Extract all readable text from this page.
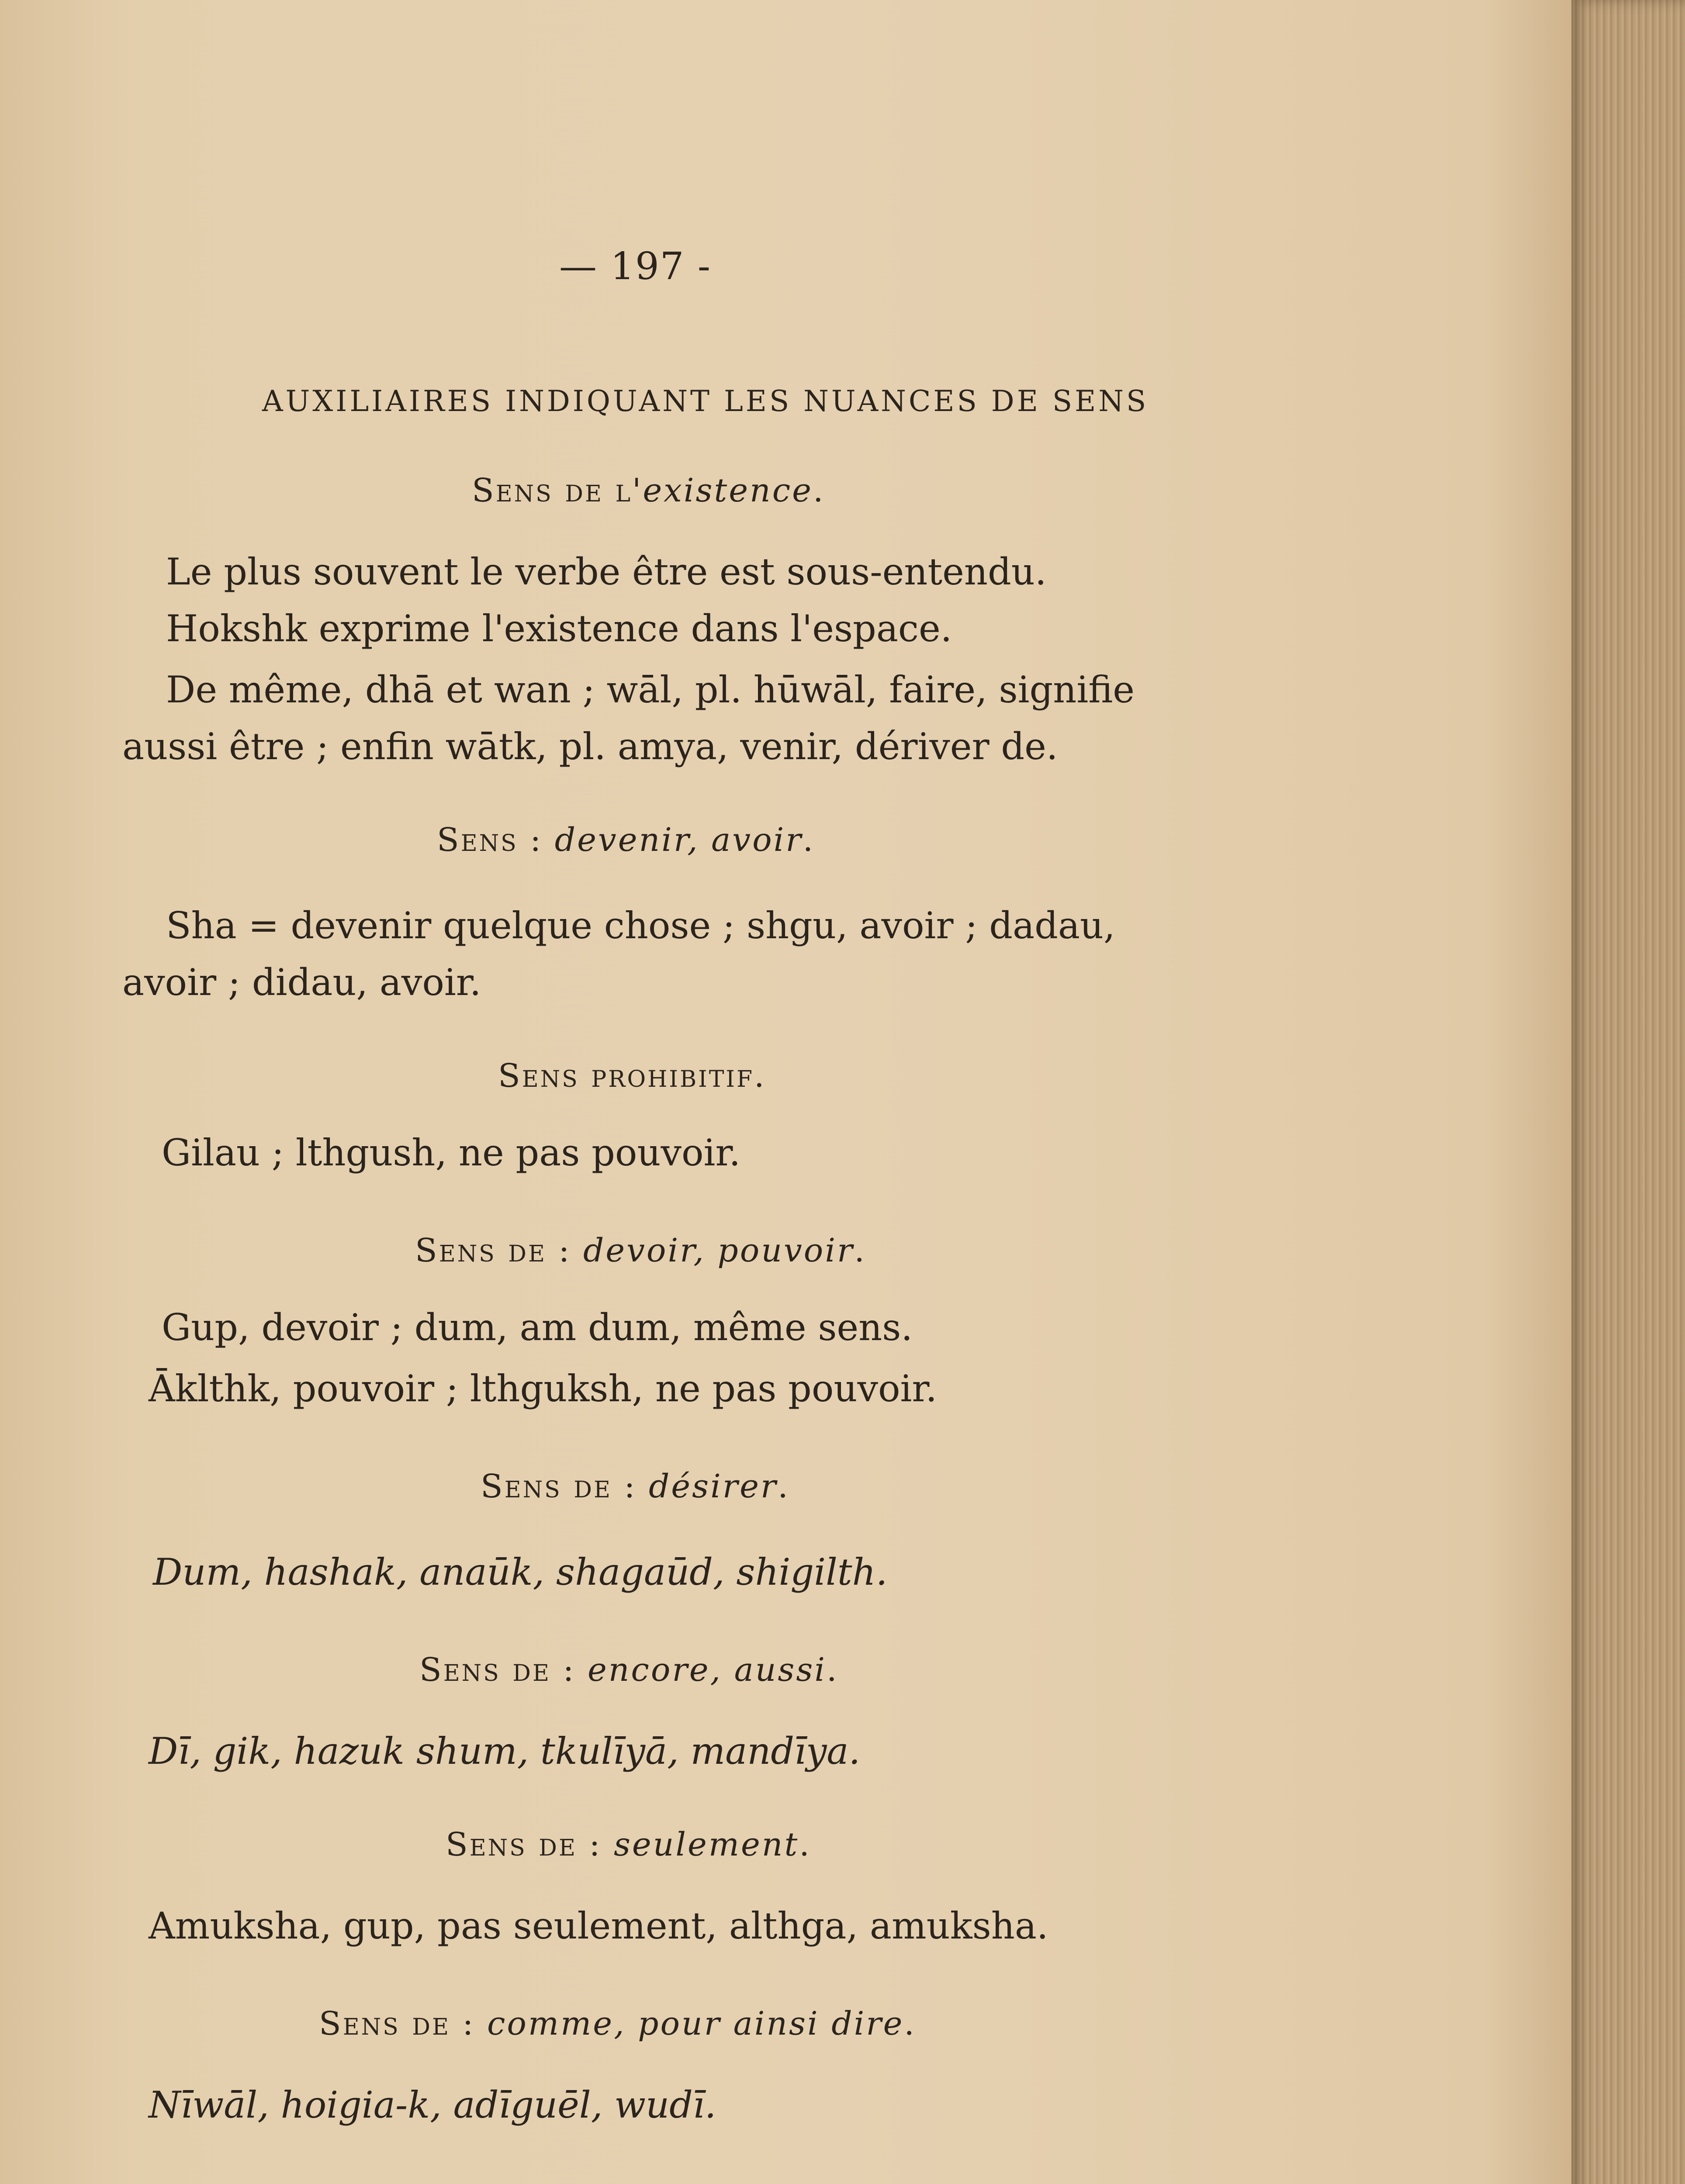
— 197 -
AUXILIAIRES INDIQUANT LES NUANCES DE SENS
Sens de l'existence.
Le plus souvent le verbe être est sous-entendu.
Hokshk exprime l'existence dans l'espace.
De même, dhā et wan ; wāl, pl. hūwāl, faire, signifie
aussi être ; enfin wātk, pl. amya, venir, dériver de.
Sens : devenir, avoir.
Sha = devenir quelque chose ; shgu, avoir ; dadau,
avoir ; didau, avoir.
Sens prohibitif.
Gilau ; lthgush, ne pas pouvoir.
Sens de : devoir, pouvoir.
Gup, devoir ; dum, am dum, même sens.
Āklthk, pouvoir ; lthguksh, ne pas pouvoir.
Sens de : désirer.
Dum, hashak, anaūk, shagaūd, shigilth.
Sens de : encore, aussi.
Dī, gik, hazuk shum, tkulīyā, mandīya.
Sens de : seulement.
Amuksha, gup, pas seulement, althga, amuksha.
Sens de : comme, pour ainsi dire.
Nīwāl, hoigia-k, adīguēl, wudī.
